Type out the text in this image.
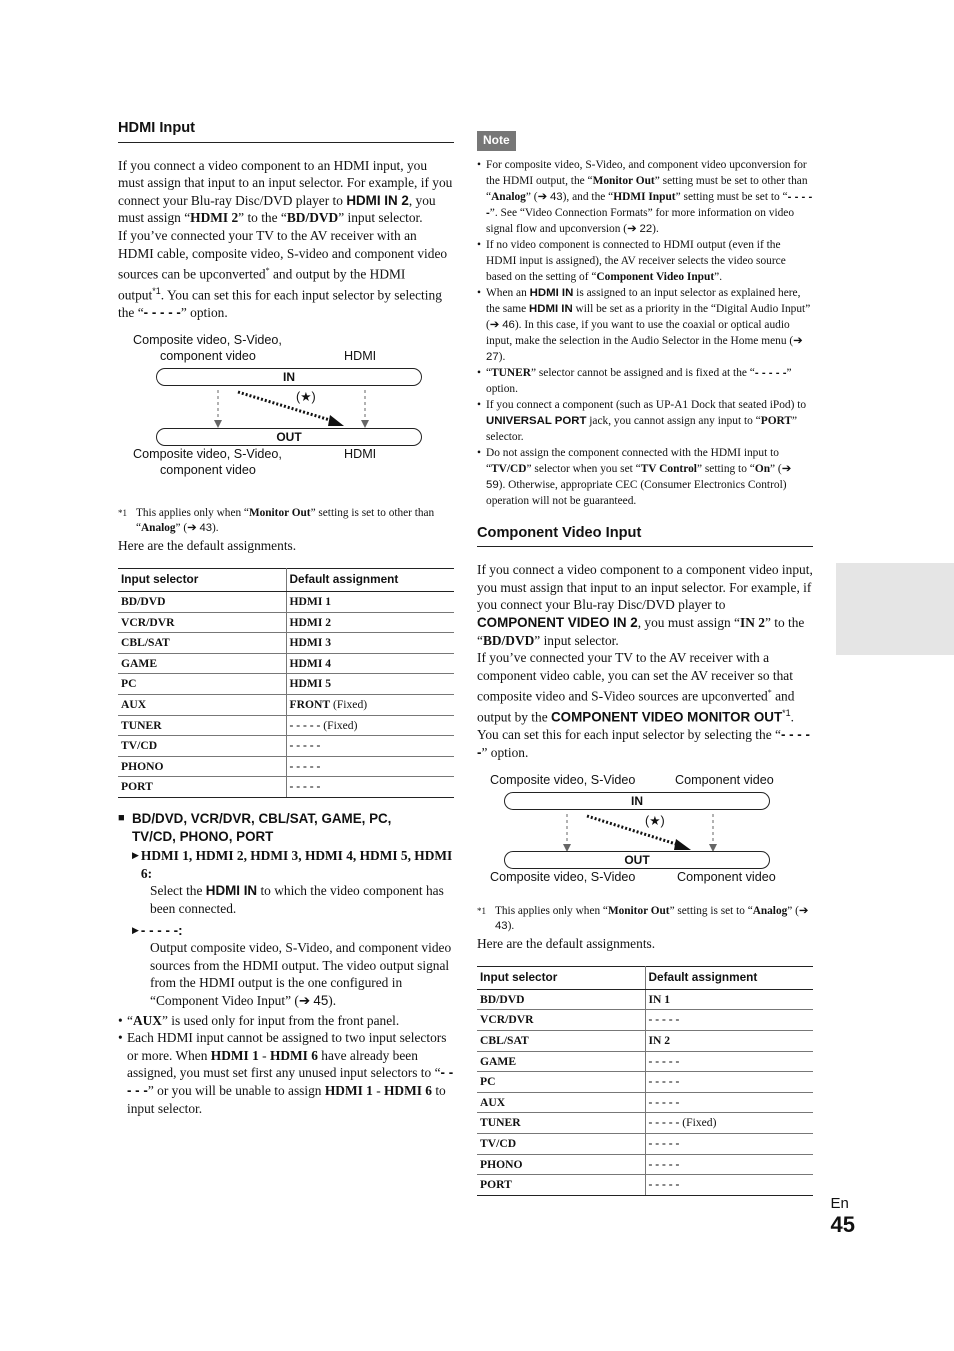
HDMI Input

If you connect a video component to an HDMI input, you must assign that input to an input selector. For example, if you connect your Blu-ray Disc/DVD player to HDMI IN 2, you must assign “HDMI 2” to the “BD/DVD” input selector.

If you’ve connected your TV to the AV receiver with an HDMI cable, composite video, S-video and component video sources can be upconverted* and output by the HDMI output$^{*1}$. You can set this for each input selector by selecting the “- - - - -” option.

Composite video, S-Video,
component video	HDMI
IN
(★)
OUT
Composite video, S-Video,
component video
HDMI
*1 This applies only when “Monitor Out” setting is set to other than “Analog” (➔ 43).

Here are the default assignments.

Input selector	Default assignment
BD/DVD	HDMI 1
VCR/DVR	HDMI 2
CBL/SAT	HDMI 3
GAME	HDMI 4
PC	HDMI 5
AUX	FRONT (Fixed)
TUNER	- - - - - (Fixed)
TV/CD	- - - - -
PHONO	- - - - -
PORT	- - - - -
■ BD/DVD, VCR/DVR, CBL/SAT, GAME, PC,
TV/CD, PHONO, PORT
▶ HDMI 1, HDMI 2, HDMI 3, HDMI 4, HDMI 5, HDMI 6:
Select the HDMI IN to which the video component has been connected.
▶ - - - - -:
Output composite video, S-Video, and component video sources from the HDMI output. The video output signal from the HDMI output is the one configured in “Component Video Input” (➔ 45).
• “AUX” is used only for input from the front panel.
• Each HDMI input cannot be assigned to two input selectors or more. When HDMI 1 - HDMI 6 have already been assigned, you must set first any unused input selectors to “- - - - -” or you will be unable to assign HDMI 1 - HDMI 6 to input selector.
Note
• For composite video, S-Video, and component video upconversion for the HDMI output, the “Monitor Out” setting must be set to other than “Analog” (➔ 43), and the “HDMI Input” setting must be set to “- - - - -”. See “Video Connection Formats” for more information on video signal flow and upconversion (➔ 22).
• If no video component is connected to HDMI output (even if the HDMI input is assigned), the AV receiver selects the video source based on the setting of “Component Video Input”.
• When an HDMI IN is assigned to an input selector as explained here, the same HDMI IN will be set as a priority in the “Digital Audio Input” (➔ 46). In this case, if you want to use the coaxial or optical audio input, make the selection in the Audio Selector in the Home menu (➔ 27).
• “TUNER” selector cannot be assigned and is fixed at the “- - - - -” option.
• If you connect a component (such as UP-A1 Dock that seated iPod) to UNIVERSAL PORT jack, you cannot assign any input to “PORT” selector.
• Do not assign the component connected with the HDMI input to “TV/CD” selector when you set “TV Control” setting to “On” (➔ 59). Otherwise, appropriate CEC (Consumer Electronics Control) operation will not be guaranteed.
Component Video Input

If you connect a video component to a component video input, you must assign that input to an input selector. For example, if you connect your Blu-ray Disc/DVD player to COMPONENT VIDEO IN 2, you must assign “IN 2” to the “BD/DVD” input selector.

If you’ve connected your TV to the AV receiver with a component video cable, you can set the AV receiver so that composite video and S-Video sources are upconverted* and output by the COMPONENT VIDEO MONITOR OUT$^{*1}$. You can set this for each input selector by selecting the “- - - - -” option.

Composite video, S-Video	Component video
IN
(★)
OUT
Composite video, S-Video	Component video
*1 This applies only when “Monitor Out” setting is set to “Analog” (➔ 43).

Here are the default assignments.

Input selector	Default assignment
BD/DVD	IN 1
VCR/DVR	- - - - -
CBL/SAT	IN 2
GAME	- - - - -
PC	- - - - -
AUX	- - - - -
TUNER	- - - - - (Fixed)
TV/CD	- - - - -
PHONO	- - - - -
PORT	- - - - -
En
45
